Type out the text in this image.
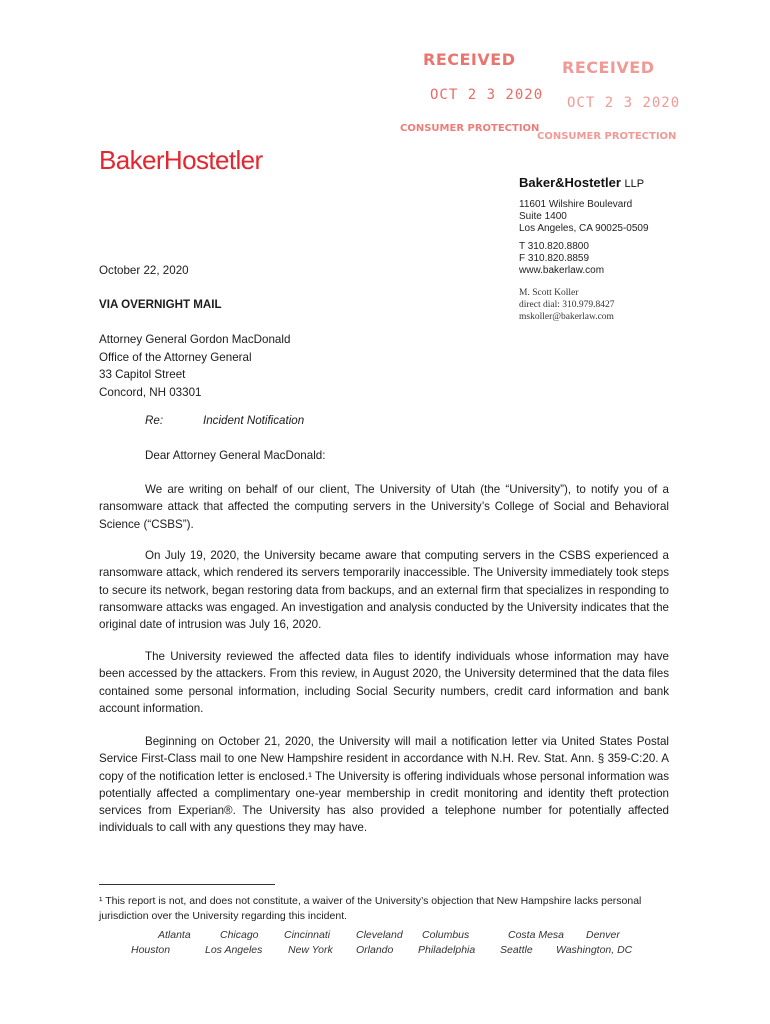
RECEIVED
OCT 2 3 2020
RECEIVED
OCT 2 3 2020
CONSUMER PROTECTION
CONSUMER PROTECTION
BakerHostetler
Baker&Hostetler LLP
11601 Wilshire Boulevard
Suite 1400
Los Angeles, CA 90025-0509
T 310.820.8800
F 310.820.8859
www.bakerlaw.com
M. Scott Koller
direct dial: 310.979.8427
mskoller@bakerlaw.com
October 22, 2020
VIA OVERNIGHT MAIL
Attorney General Gordon MacDonald
Office of the Attorney General
33 Capitol Street
Concord, NH 03301
Re:	Incident Notification
Dear Attorney General MacDonald:
We are writing on behalf of our client, The University of Utah (the “University”), to notify you of a ransomware attack that affected the computing servers in the University’s College of Social and Behavioral Science (“CSBS”).
On July 19, 2020, the University became aware that computing servers in the CSBS experienced a ransomware attack, which rendered its servers temporarily inaccessible. The University immediately took steps to secure its network, began restoring data from backups, and an external firm that specializes in responding to ransomware attacks was engaged. An investigation and analysis conducted by the University indicates that the original date of intrusion was July 16, 2020.
The University reviewed the affected data files to identify individuals whose information may have been accessed by the attackers. From this review, in August 2020, the University determined that the data files contained some personal information, including Social Security numbers, credit card information and bank account information.
Beginning on October 21, 2020, the University will mail a notification letter via United States Postal Service First-Class mail to one New Hampshire resident in accordance with N.H. Rev. Stat. Ann. § 359-C:20. A copy of the notification letter is enclosed.¹ The University is offering individuals whose personal information was potentially affected a complimentary one-year membership in credit monitoring and identity theft protection services from Experian®. The University has also provided a telephone number for potentially affected individuals to call with any questions they may have.
¹ This report is not, and does not constitute, a waiver of the University’s objection that New Hampshire lacks personal jurisdiction over the University regarding this incident.
Atlanta	Chicago	Cincinnati	Cleveland	Columbus	Costa Mesa	Denver
Houston	Los Angeles	New York	Orlando	Philadelphia	Seattle	Washington, DC
